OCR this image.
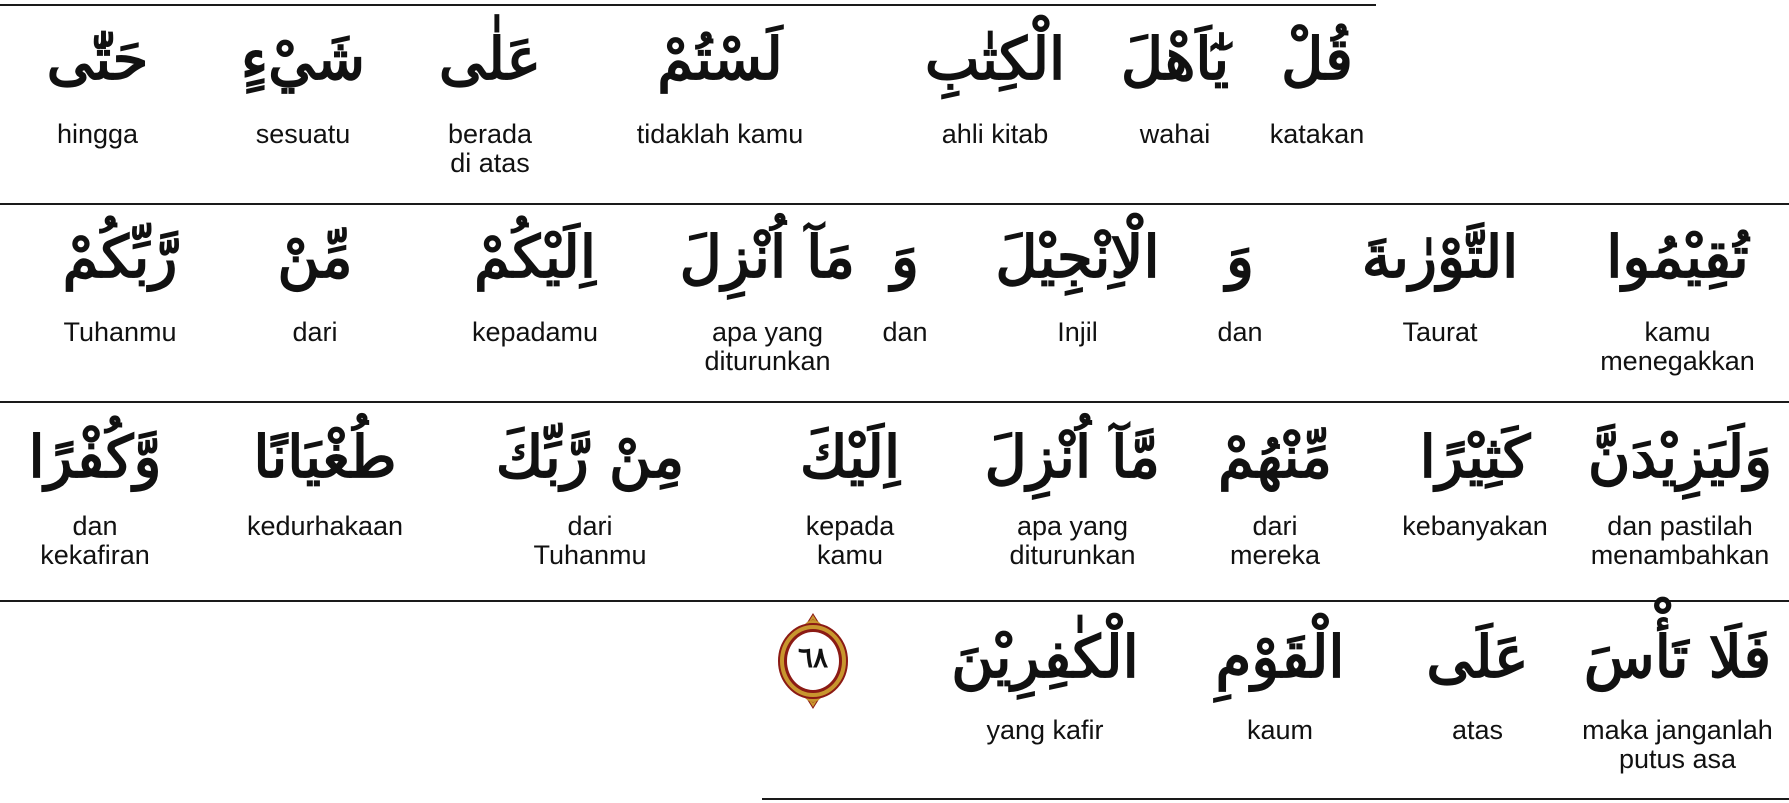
قُلْ
katakan
يٰٓاَهْلَ
wahai
الْكِتٰبِ
ahli kitab
لَسْتُمْ
tidaklah kamu
عَلٰى
berada
di atas
شَيْءٍ
sesuatu
حَتّٰى
hingga
تُقِيْمُوا
kamu
menegakkan
التَّوْرٰىةَ
Taurat
وَ
dan
الْاِنْجِيْلَ
Injil
وَ
dan
مَآ اُنْزِلَ
apa yang
diturunkan
اِلَيْكُمْ
kepadamu
مِّنْ
dari
رَّبِّكُمْ
Tuhanmu
وَلَيَزِيْدَنَّ
dan pastilah
menambahkan
كَثِيْرًا
kebanyakan
مِّنْهُمْ
dari
mereka
مَّآ اُنْزِلَ
apa yang
diturunkan
اِلَيْكَ
kepada
kamu
مِنْ رَّبِّكَ
dari
Tuhanmu
طُغْيَانًا
kedurhakaan
وَّكُفْرًا
dan
kekafiran
فَلَا تَأْسَ
maka janganlah
putus asa
عَلَى
atas
الْقَوْمِ
kaum
الْكٰفِرِيْنَ
yang kafir
٦٨
